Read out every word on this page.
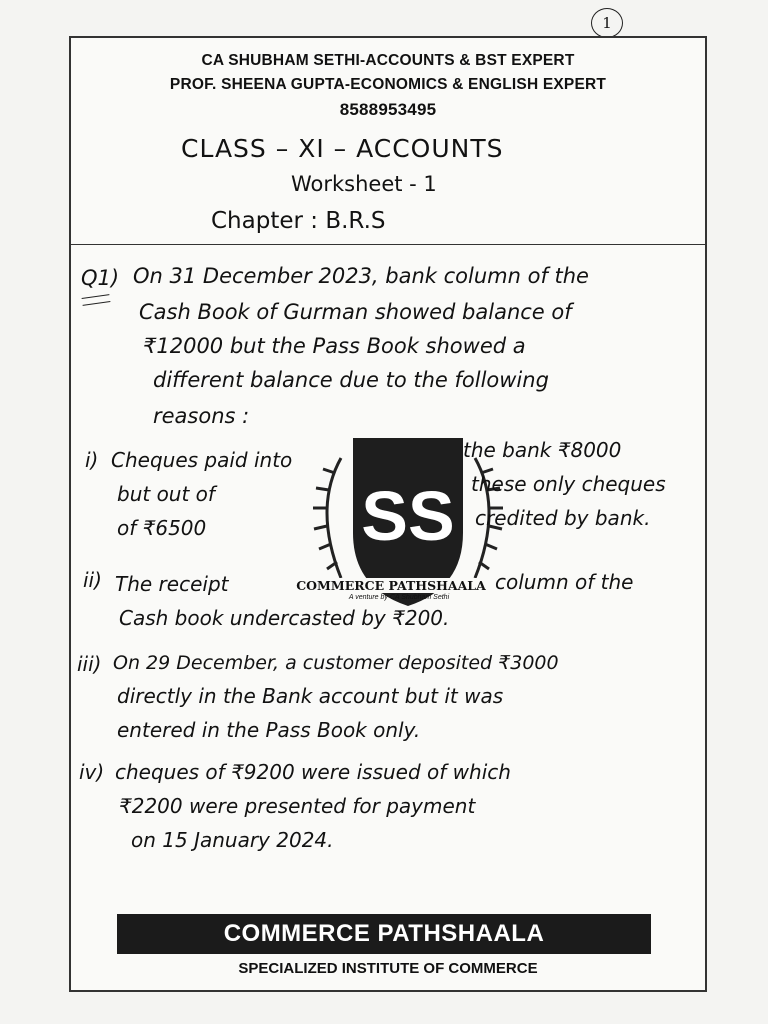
1
CA SHUBHAM SETHI-ACCOUNTS & BST EXPERT
PROF. SHEENA GUPTA-ECONOMICS & ENGLISH EXPERT
8588953495
CLASS – XI – ACCOUNTS
Worksheet - 1
Chapter : B.R.S
Q1) On 31 December 2023, bank column of the
Cash Book of Gurman showed balance of
₹12000 but the Pass Book showed a
different balance due to the following
reasons :
SS
COMMERCE PATHSHAALA
A venture by CA Shubham Sethi
i) Cheques paid into
but out of
of ₹6500
the bank ₹8000
these only cheques
credited by bank.
ii) The receipt	column of the
Cash book undercasted by ₹200.
iii) On 29 December, a customer deposited ₹3000
directly in the Bank account but it was
entered in the Pass Book only.
iv) cheques of ₹9200 were issued of which
₹2200 were presented for payment
on 15 January 2024.
COMMERCE PATHSHAALA
SPECIALIZED INSTITUTE OF COMMERCE
